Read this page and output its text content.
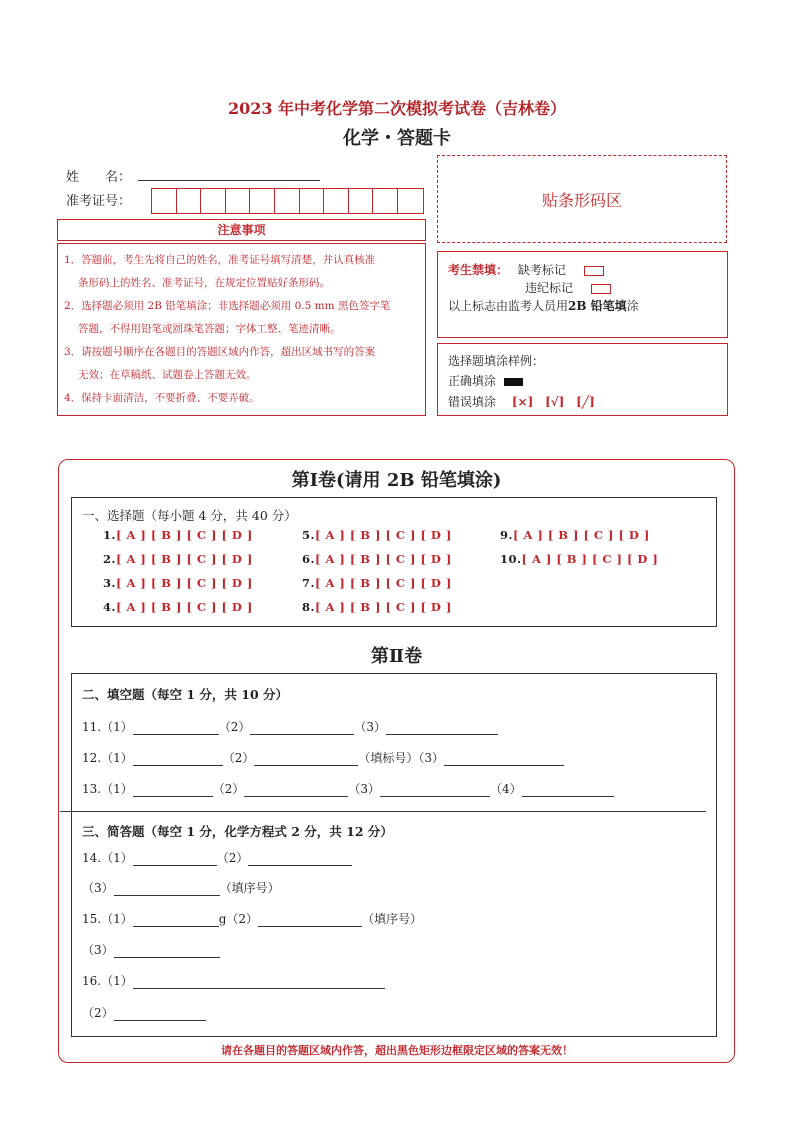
2023 年中考化学第二次模拟考试卷（吉林卷）
化学・答题卡
姓　　名：
准考证号：	贴条形码区
注意事项
1．答题前，考生先将自己的姓名，准考证号填写清楚，并认真核准
条形码上的姓名、准考证号，在规定位置贴好条形码。
2．选择题必须用 2B 铅笔填涂；非选择题必须用 0.5 mm 黑色签字笔
答题，不得用铅笔或圆珠笔答题；字体工整、笔迹清晰。
3．请按题号顺序在各题目的答题区域内作答，超出区域书写的答案
无效；在草稿纸、试题卷上答题无效。
4．保持卡面清洁，不要折叠、不要弄破。
考生禁填： 缺考标记
违纪标记
以上标志由监考人员用2B 铅笔填涂
选择题填涂样例：
正确填涂
错误填涂 [×] [√] [╱]
第Ⅰ卷(请用 2B 铅笔填涂)
一、选择题（每小题 4 分，共 40 分）
1.[ A ] [ B ] [ C ] [ D ]
2.[ A ] [ B ] [ C ] [ D ]
3.[ A ] [ B ] [ C ] [ D ]
4.[ A ] [ B ] [ C ] [ D ]
5.[ A ] [ B ] [ C ] [ D ]
6.[ A ] [ B ] [ C ] [ D ]
7.[ A ] [ B ] [ C ] [ D ]
8.[ A ] [ B ] [ C ] [ D ]
9.[ A ] [ B ] [ C ] [ D ]
10.[ A ] [ B ] [ C ] [ D ]
第Ⅱ卷
二、填空题（每空 1 分，共 10 分）
11.（1）	（2）	（3）
12.（1）	（2）	（填标号）（3）
13.（1）	（2）	（3）	（4）
三、简答题（每空 1 分，化学方程式 2 分，共 12 分）
14.（1）	（2）
（3）	（填序号）
15.（1）	g（2）	（填序号）
（3）
16.（1）
（2）
请在各题目的答题区域内作答，超出黑色矩形边框限定区域的答案无效！
